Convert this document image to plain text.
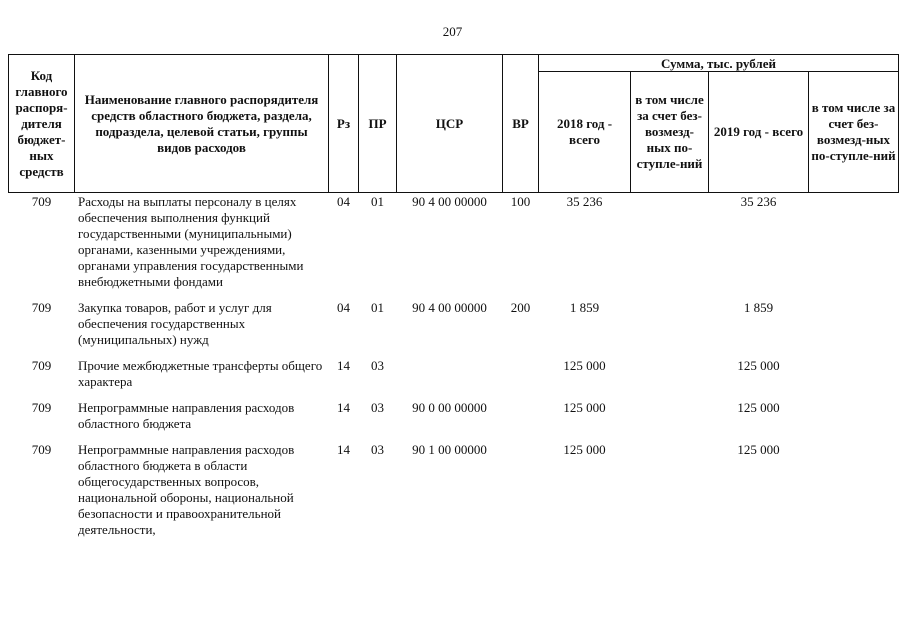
207
Код главного распоря-дителя бюджет-ных средств	Наименование главного распорядителя средств областного бюджета, раздела, подраздела, целевой статьи, группы видов расходов	Рз	ПР	ЦСР	ВР	Сумма, тыс. рублей			
						2018 год - всего	в том числе за счет без-возмезд-ных по-ступле-ний	2019 год - всего	в том числе за счет без-возмезд-ных по-ступле-ний
709	Расходы на выплаты персоналу в целях обеспечения выполнения функций государственными (муниципальными) органами, казенными учреждениями, органами управления государственными внебюджетными фондами	04	01	90 4 00 00000	100	35 236		35 236	
709	Закупка товаров, работ и услуг для обеспечения государственных (муниципальных) нужд	04	01	90 4 00 00000	200	1 859		1 859	
709	Прочие межбюджетные трансферты общего характера	14	03			125 000		125 000	
709	Непрограммные направления расходов областного бюджета	14	03	90 0 00 00000		125 000		125 000	
709	Непрограммные направления расходов областного бюджета в области общегосударственных вопросов, национальной обороны, национальной безопасности и правоохранительной деятельности,	14	03	90 1 00 00000		125 000		125 000	
